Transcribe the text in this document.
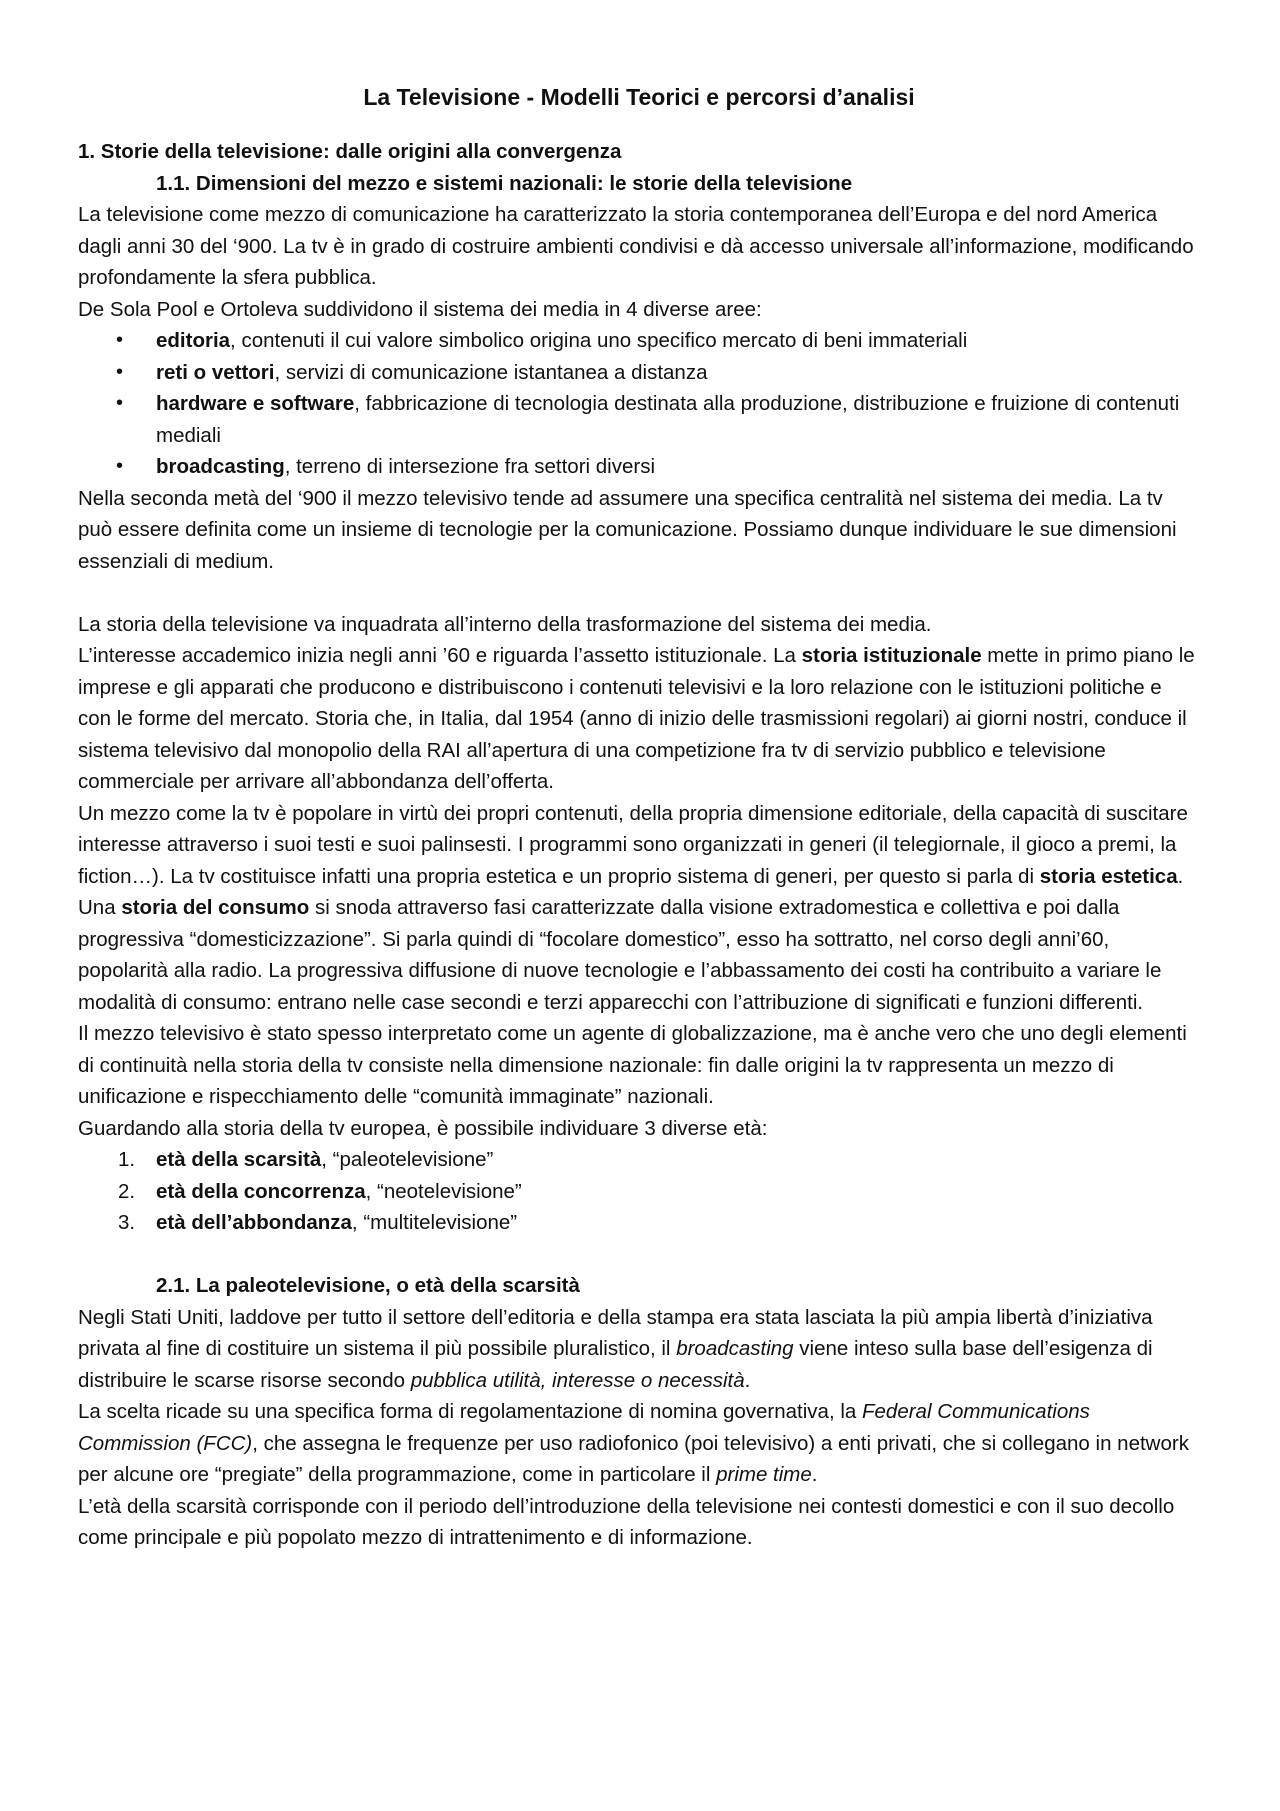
La Televisione - Modelli Teorici e percorsi d’analisi
1. Storie della televisione: dalle origini alla convergenza
1.1. Dimensioni del mezzo e sistemi nazionali: le storie della televisione

La televisione come mezzo di comunicazione ha caratterizzato la storia contemporanea dell’Europa e del nord America dagli anni 30 del ‘900. La tv è in grado di costruire ambienti condivisi e dà accesso universale all’informazione, modificando profondamente la sfera pubblica.

De Sola Pool e Ortoleva suddividono il sistema dei media in 4 diverse aree:

• editoria, contenuti il cui valore simbolico origina uno specifico mercato di beni immateriali
• reti o vettori, servizi di comunicazione istantanea a distanza
• hardware e software, fabbricazione di tecnologia destinata alla produzione, distribuzione e fruizione di contenuti mediali
• broadcasting, terreno di intersezione fra settori diversi

Nella seconda metà del ‘900 il mezzo televisivo tende ad assumere una specifica centralità nel sistema dei media. La tv può essere definita come un insieme di tecnologie per la comunicazione. Possiamo dunque individuare le sue dimensioni essenziali di medium.

La storia della televisione va inquadrata all’interno della trasformazione del sistema dei media.

L’interesse accademico inizia negli anni ’60 e riguarda l’assetto istituzionale. La storia istituzionale mette in primo piano le imprese e gli apparati che producono e distribuiscono i contenuti televisivi e la loro relazione con le istituzioni politiche e con le forme del mercato. Storia che, in Italia, dal 1954 (anno di inizio delle trasmissioni regolari) ai giorni nostri, conduce il sistema televisivo dal monopolio della RAI all’apertura di una competizione fra tv di servizio pubblico e televisione commerciale per arrivare all’abbondanza dell’offerta.

Un mezzo come la tv è popolare in virtù dei propri contenuti, della propria dimensione editoriale, della capacità di suscitare interesse attraverso i suoi testi e suoi palinsesti. I programmi sono organizzati in generi (il telegiornale, il gioco a premi, la fiction…). La tv costituisce infatti una propria estetica e un proprio sistema di generi, per questo si parla di storia estetica.

Una storia del consumo si snoda attraverso fasi caratterizzate dalla visione extradomestica e collettiva e poi dalla progressiva “domesticizzazione”. Si parla quindi di “focolare domestico”, esso ha sottratto, nel corso degli anni’60, popolarità alla radio. La progressiva diffusione di nuove tecnologie e l’abbassamento dei costi ha contribuito a variare le modalità di consumo: entrano nelle case secondi e terzi apparecchi con l’attribuzione di significati e funzioni differenti.

Il mezzo televisivo è stato spesso interpretato come un agente di globalizzazione, ma è anche vero che uno degli elementi di continuità nella storia della tv consiste nella dimensione nazionale: fin dalle origini la tv rappresenta un mezzo di unificazione e rispecchiamento delle “comunità immaginate” nazionali.

Guardando alla storia della tv europea, è possibile individuare 3 diverse età:

1. età della scarsità, “paleotelevisione”
2. età della concorrenza, “neotelevisione”
3. età dell’abbondanza, “multitelevisione”
2.1. La paleotelevisione, o età della scarsità

Negli Stati Uniti, laddove per tutto il settore dell’editoria e della stampa era stata lasciata la più ampia libertà d’iniziativa privata al fine di costituire un sistema il più possibile pluralistico, il broadcasting viene inteso sulla base dell’esigenza di distribuire le scarse risorse secondo pubblica utilità, interesse o necessità.

La scelta ricade su una specifica forma di regolamentazione di nomina governativa, la Federal Communications Commission (FCC), che assegna le frequenze per uso radiofonico (poi televisivo) a enti privati, che si collegano in network per alcune ore “pregiate” della programmazione, come in particolare il prime time.

L’età della scarsità corrisponde con il periodo dell’introduzione della televisione nei contesti domestici e con il suo decollo come principale e più popolato mezzo di intrattenimento e di informazione.
